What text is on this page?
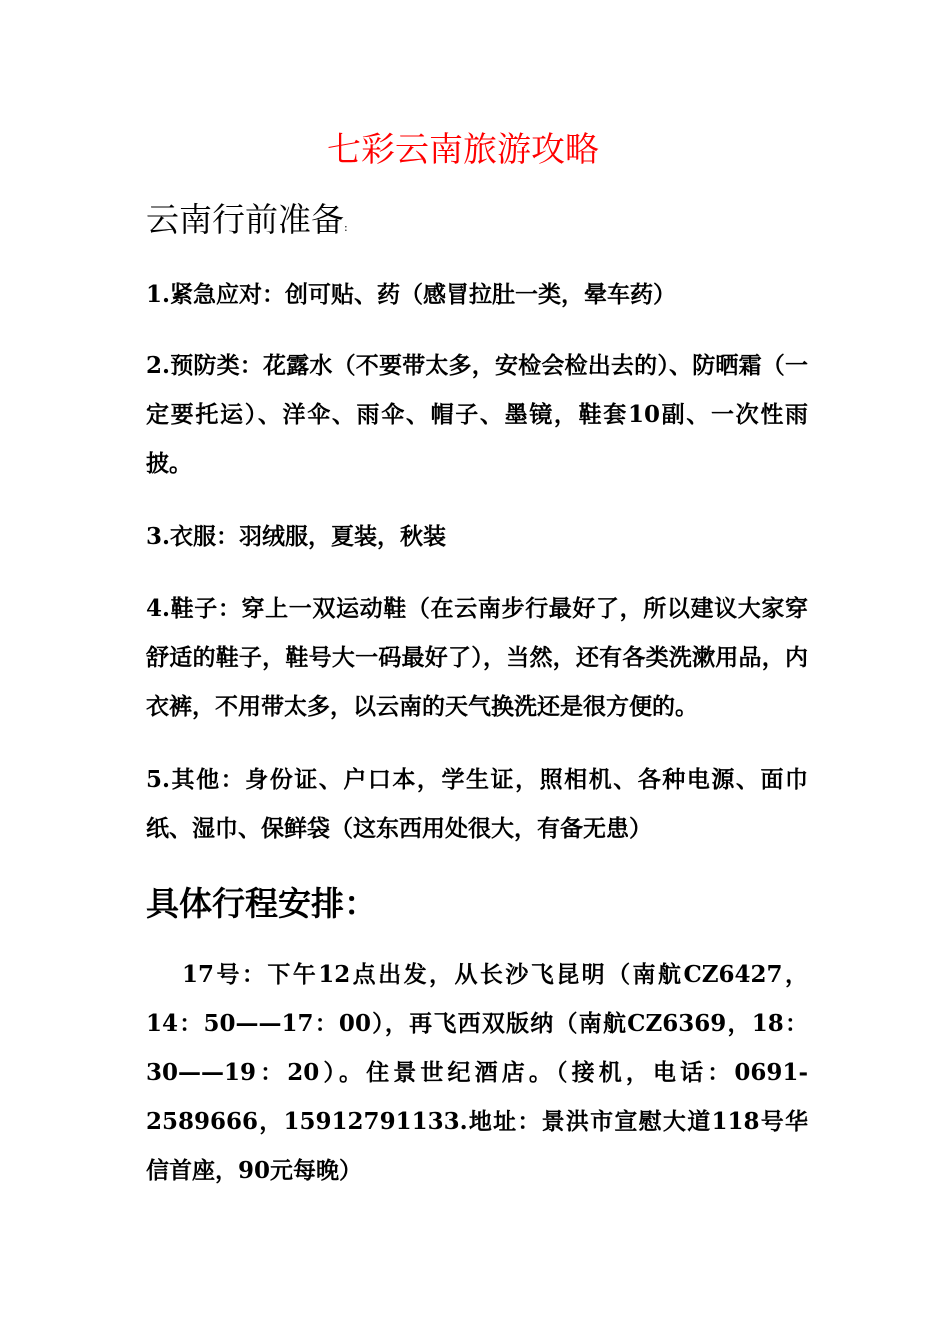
七彩云南旅游攻略
云南行前准备:

1.紧急应对：创可贴、药（感冒拉肚一类，晕车药）

2.预防类：花露水（不要带太多，安检会检出去的）、防晒霜（一定要托运）、洋伞、雨伞、帽子、墨镜，鞋套10副、一次性雨披。

3.衣服：羽绒服，夏装，秋装

4.鞋子：穿上一双运动鞋（在云南步行最好了，所以建议大家穿舒适的鞋子，鞋号大一码最好了），当然，还有各类洗漱用品，内衣裤，不用带太多，以云南的天气换洗还是很方便的。

5.其他：身份证、户口本，学生证，照相机、各种电源、面巾纸、湿巾、保鲜袋（这东西用处很大，有备无患）

具体行程安排：

17号：下午12点出发，从长沙飞昆明（南航CZ6427，14：50——17：00），再飞西双版纳（南航CZ6369，18：30——19：20）。住景世纪酒店。（接机，电话：0691-2589666，15912791133.地址：景洪市宣慰大道118号华信首座，90元每晚）
